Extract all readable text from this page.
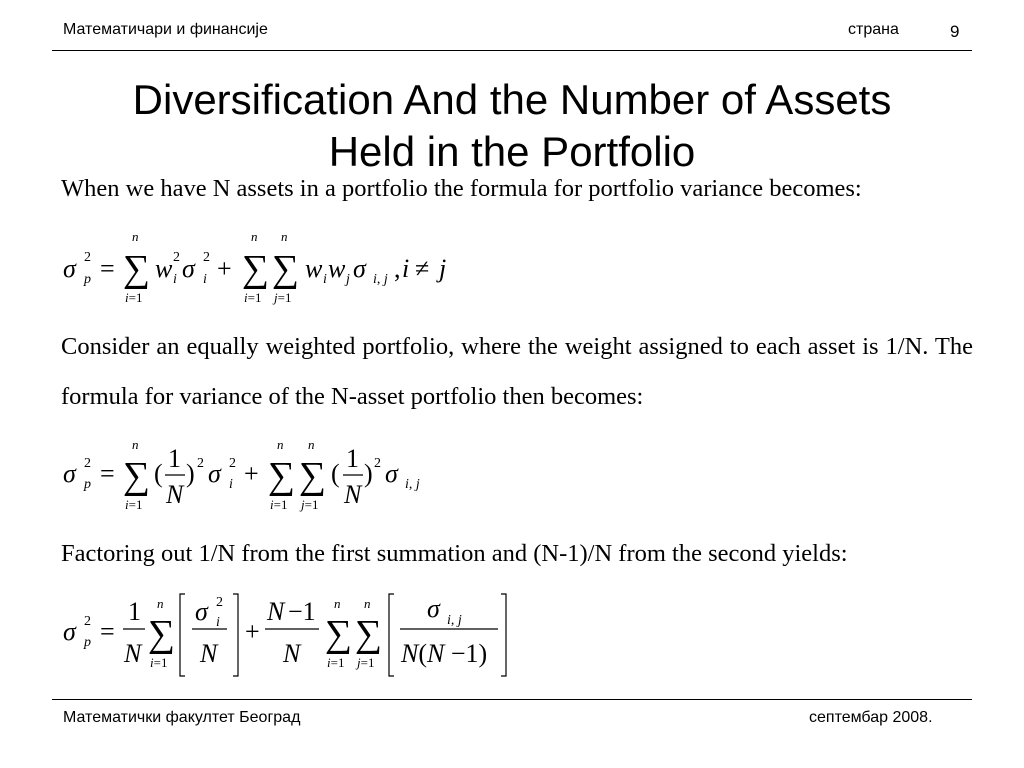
Математичари и финансије	страна	9
Diversification And the Number of Assets
Held in the Portfolio
When we have N assets in a portfolio the formula for portfolio variance becomes:
σ 2
p = ∑
n
i=1
w 2
i σ 2
i + ∑
n
i=1
∑
n
j=1
w i w j σ i, j , i ≠ j
Consider an equally weighted portfolio, where the weight assigned to each asset is 1/N. The formula for variance of the N-asset portfolio then becomes:
σ 2
p = ∑
n
i=1
(
1
N
) 2 σ 2
i + ∑
n
i=1
∑
n
j=1
(
1
N
) 2 σ i, j
Factoring out 1/N from the first summation and (N-1)/N from the second yields:
σ 2
p =
1
N ∑
n
i=1
σ 2
i
N
+
N −1
N ∑
n
i=1
∑
n
j=1
σ i, j
N(N −1)
Математички факултет Београд	септембар 2008.
